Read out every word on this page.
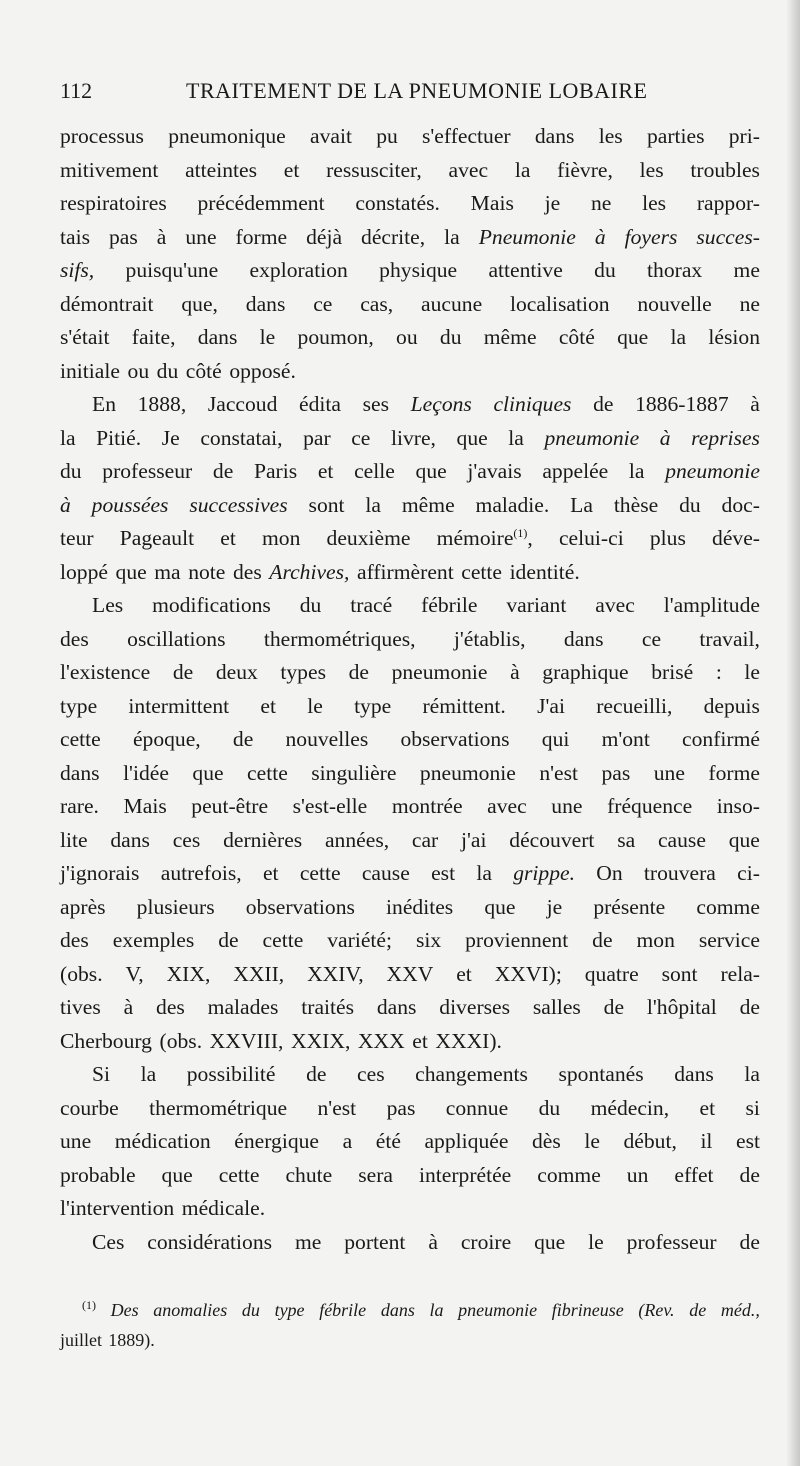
112	TRAITEMENT DE LA PNEUMONIE LOBAIRE
processus pneumonique avait pu s'effectuer dans les parties pri-
mitivement atteintes et ressusciter, avec la fièvre, les troubles
respiratoires précédemment constatés. Mais je ne les rappor-
tais pas à une forme déjà décrite, la Pneumonie à foyers succes-
sifs, puisqu'une exploration physique attentive du thorax me
démontrait que, dans ce cas, aucune localisation nouvelle ne
s'était faite, dans le poumon, ou du même côté que la lésion
initiale ou du côté opposé.
En 1888, Jaccoud édita ses Leçons cliniques de 1886-1887 à
la Pitié. Je constatai, par ce livre, que la pneumonie à reprises
du professeur de Paris et celle que j'avais appelée la pneumonie
à poussées successives sont la même maladie. La thèse du doc-
teur Pageault et mon deuxième mémoire$^{(1)}$, celui-ci plus déve-
loppé que ma note des Archives, affirmèrent cette identité.
Les modifications du tracé fébrile variant avec l'amplitude
des oscillations thermométriques, j'établis, dans ce travail,
l'existence de deux types de pneumonie à graphique brisé : le
type intermittent et le type rémittent. J'ai recueilli, depuis
cette époque, de nouvelles observations qui m'ont confirmé
dans l'idée que cette singulière pneumonie n'est pas une forme
rare. Mais peut-être s'est-elle montrée avec une fréquence inso-
lite dans ces dernières années, car j'ai découvert sa cause que
j'ignorais autrefois, et cette cause est la grippe. On trouvera ci-
après plusieurs observations inédites que je présente comme
des exemples de cette variété; six proviennent de mon service
(obs. V, XIX, XXII, XXIV, XXV et XXVI); quatre sont rela-
tives à des malades traités dans diverses salles de l'hôpital de
Cherbourg (obs. XXVIII, XXIX, XXX et XXXI).
Si la possibilité de ces changements spontanés dans la
courbe thermométrique n'est pas connue du médecin, et si
une médication énergique a été appliquée dès le début, il est
probable que cette chute sera interprétée comme un effet de
l'intervention médicale.
Ces considérations me portent à croire que le professeur de
$^{(1)}$ Des anomalies du type fébrile dans la pneumonie fibrineuse (Rev. de méd.,
juillet 1889).
